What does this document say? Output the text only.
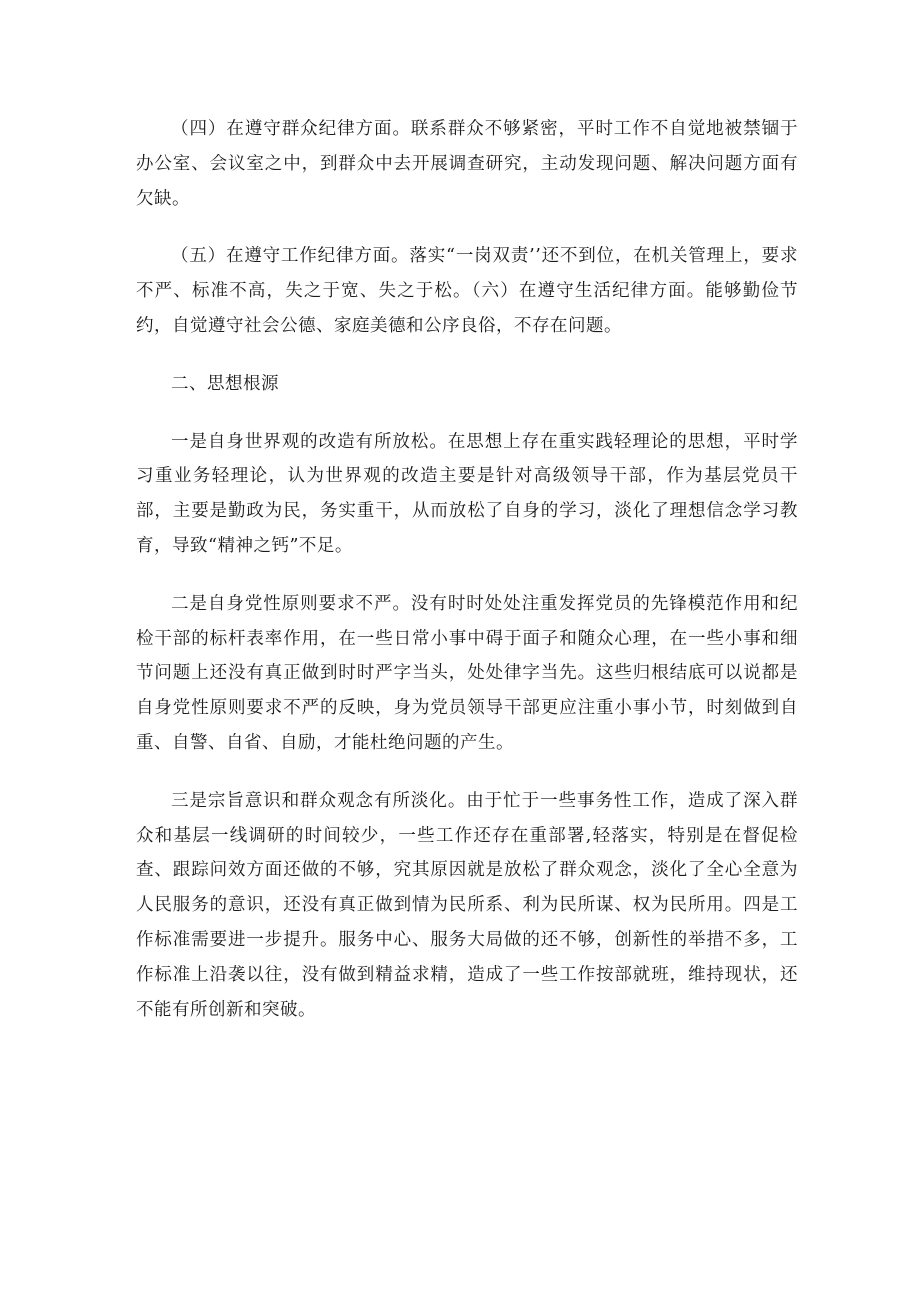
（四）在遵守群众纪律方面。联系群众不够紧密，平时工作不自觉地被禁锢于办公室、会议室之中，到群众中去开展调查研究，主动发现问题、解决问题方面有欠缺。

（五）在遵守工作纪律方面。落实“一岗双责’’还不到位，在机关管理上，要求不严、标准不高，失之于宽、失之于松。（六）在遵守生活纪律方面。能够勤俭节约，自觉遵守社会公德、家庭美德和公序良俗，不存在问题。

二、思想根源

一是自身世界观的改造有所放松。在思想上存在重实践轻理论的思想，平时学习重业务轻理论，认为世界观的改造主要是针对高级领导干部，作为基层党员干部，主要是勤政为民，务实重干，从而放松了自身的学习，淡化了理想信念学习教育，导致“精神之钙”不足。

二是自身党性原则要求不严。没有时时处处注重发挥党员的先锋模范作用和纪检干部的标杆表率作用，在一些日常小事中碍于面子和随众心理，在一些小事和细节问题上还没有真正做到时时严字当头，处处律字当先。这些归根结底可以说都是自身党性原则要求不严的反映，身为党员领导干部更应注重小事小节，时刻做到自重、自警、自省、自励，才能杜绝问题的产生。

三是宗旨意识和群众观念有所淡化。由于忙于一些事务性工作，造成了深入群众和基层一线调研的时间较少，一些工作还存在重部署,轻落实，特别是在督促检查、跟踪问效方面还做的不够，究其原因就是放松了群众观念，淡化了全心全意为人民服务的意识，还没有真正做到情为民所系、利为民所谋、权为民所用。四是工作标准需要进一步提升。服务中心、服务大局做的还不够，创新性的举措不多，工作标准上沿袭以往，没有做到精益求精，造成了一些工作按部就班，维持现状，还不能有所创新和突破。
